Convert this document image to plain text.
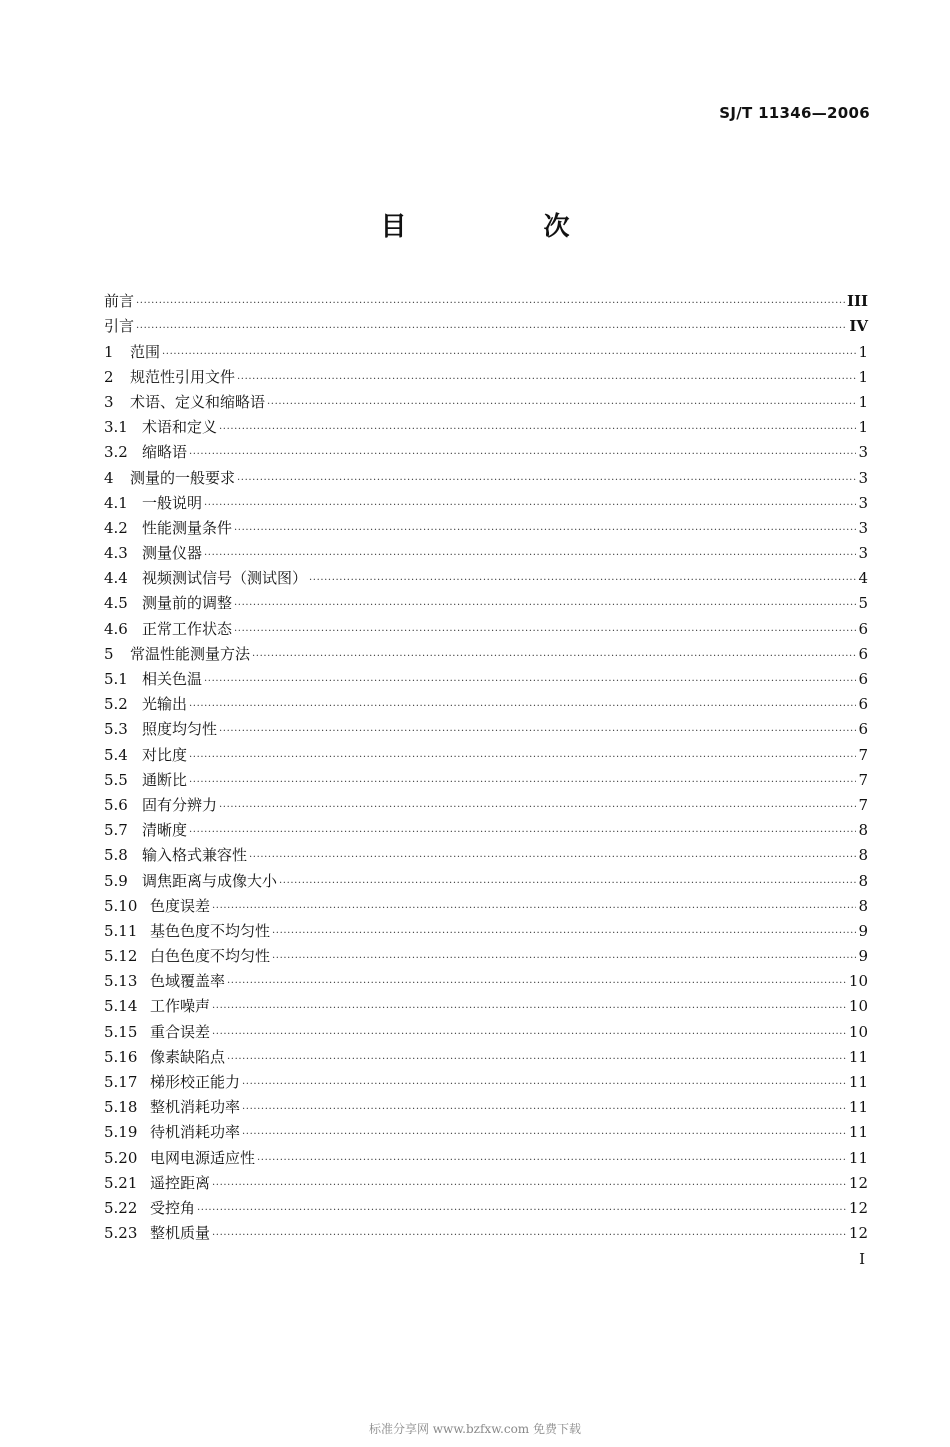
SJ/T 11346—2006
目 次
前言 .....	III
引言 .....	IV
1	范围 .....	1
2	规范性引用文件 .....	1
3	术语、定义和缩略语 .....	1
3.1 术语和定义 .....	1
3.2 缩略语 .....	3
4	测量的一般要求 .....	3
4.1 一般说明 .....	3
4.2 性能测量条件 .....	3
4.3 测量仪器 .....	3
4.4 视频测试信号（测试图） .....	4
4.5 测量前的调整 .....	5
4.6 正常工作状态 .....	6
5	常温性能测量方法 .....	6
5.1 相关色温 .....	6
5.2 光输出 .....	6
5.3 照度均匀性 .....	6
5.4 对比度 .....	7
5.5 通断比 .....	7
5.6 固有分辨力 .....	7
5.7 清晰度 .....	8
5.8 输入格式兼容性 .....	8
5.9 调焦距离与成像大小 .....	8
5.10 色度误差 .....	8
5.11 基色色度不均匀性 .....	9
5.12 白色色度不均匀性 .....	9
5.13 色域覆盖率 .....	10
5.14 工作噪声 .....	10
5.15 重合误差 .....	10
5.16 像素缺陷点 .....	11
5.17 梯形校正能力 .....	11
5.18 整机消耗功率 .....	11
5.19 待机消耗功率 .....	11
5.20 电网电源适应性 .....	11
5.21 遥控距离 .....	12
5.22 受控角 .....	12
5.23 整机质量 .....	12
I
标准分享网 www.bzfxw.com 免费下载
